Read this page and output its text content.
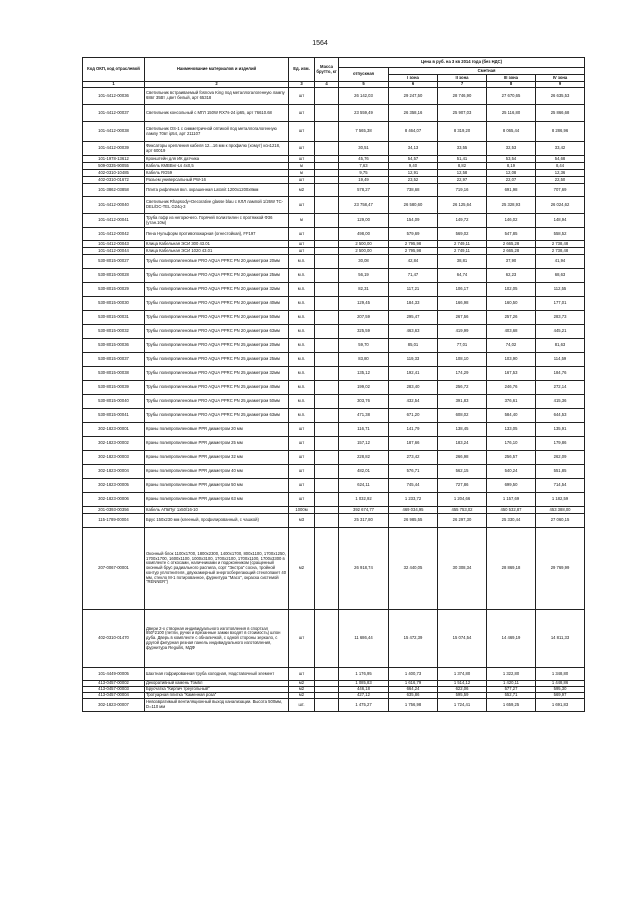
1564
Код ОКП, код отраслевой	Наименование материалов и изделий	Ед. изм.	Масса брутто, кг	Цена в руб. на 3 кв 2014 года (без НДС)				
				отпускная	Сметная			
					I зона	II зона	III зона	IV зона
1	2	3	4	5	6	7	8	9
101-4412-00036	Светильник встраиваемый fosnova King под металлогалогенную лампу 68вт 35Вт ,цвет белый, арт 65318	шт		26 142,03	29 247,50	28 746,90	27 670,65	26 635,53
101-4412-00037	Светильник консольный с МГЛ 150W RX7s-24 ip65, арт 76610.68	шт		23 559,49	26 358,16	25 907,03	25 116,80	25 866,68
101-4412-00038	Светильник OS-1 с симметричной оптикой под металлогалогенную лампу 70вт ip54, арт 211107	шт		7 565,38	8 464,07	8 319,20	8 065,44	8 286,96
101-4412-00039	Фиксаторы крепления кабеля 12...16 мм к профилю (хомут) ксн1218, арт 60019	шт		30,51	34,13	33,55	32,53	33,42
101-1978-13612	Кронштейн для ИК датчика	шт		45,76	54,57	51,41	53,54	54,68
509-0335-90055	Кабель КМВВнг-Ls 4х0,5	м		7,63	9,40	8,82	8,19	8,44
402-0310-10485	Кабель RG59	м		9,75	12,91	12,58	12,08	12,36
402-0310-01672	Разъем универсальный PW-16	шт		19,49	23,52	22,97	22,07	22,50
101-3862-03858	Плита рифлёная вкл. окрашенная Latonit 1200х1200х8мм	м2		578,27	738,68	719,16	691,98	707,69
101-4412-00040	Светильник Rhapsody+Decorative glasse blau с КЛЛ лампой 1/26W TC-DEL/DC-TEL G24q-3	шт		23 758,47	26 580,60	26 125,64	25 328,93	26 024,62
101-4412-00041	Труба гофр из негорючего. Горячей полиэтилен с протяжкой Ф36 (утан.10м)	м		129,00	154,09	149,72	146,02	148,94
101-4412-00042	Пена Нульформ противопожарная (огнестойкая), FF197	шт		498,00	579,69	569,02	547,85	558,52
101-4412-00043	Клица Кабельная ЭСИ 300 43.01	шт		2 500,00	2 795,98	2 749,11	2 665,28	2 738,48
101-4412-00044	Клица Кабельная ЭСИ 1020 43.01	шт		2 500,00	2 795,98	2 749,11	2 665,28	2 738,48
530-8015-00027	Трубы полипропиленовые PRO AQUA PPRC PN 20 диаметром 20мм	м.п.		30,08	42,84	38,81	37,90	41,94
530-8015-00028	Трубы полипропиленовые PRO AQUA PPRC PN 20 диаметром 25мм	м.п.		56,19	71,47	64,74	62,23	68,63
530-8015-00029	Трубы полипропиленовые PRO AQUA PPRC PN 20 диаметром 32мм	м.п.		82,31	117,21	106,17	102,05	112,55
530-8015-00030	Трубы полипропиленовые PRO AQUA PPRC PN 20 диаметром 40мм	м.п.		129,45	184,33	166,98	160,50	177,01
530-8015-00031	Трубы полипропиленовые PRO AQUA PPRC PN 20 диаметром 50мм	м.п.		207,59	295,47	267,56	257,26	283,73
530-8015-00032	Трубы полипропиленовые PRO AQUA PPRC PN 20 диаметром 63мм	м.п.		325,59	463,63	419,99	403,68	445,21
530-8015-00036	Трубы полипропиленовые PRO AQUA PPRC PN 25 диаметром 20мм	м.п.		59,70	85,01	77,01	74,02	81,63
530-8015-00037	Трубы полипропиленовые PRO AQUA PPRC PN 25 диаметром 25мм	м.п.		83,80	119,33	108,10	103,90	114,59
530-8015-00038	Трубы полипропиленовые PRO AQUA PPRC PN 25 диаметром 32мм	м.п.		135,12	192,41	174,29	167,53	184,76
530-8015-00039	Трубы полипропиленовые PRO AQUA PPRC PN 25 диаметром 40мм	м.п.		199,02	283,40	256,72	246,76	272,14
530-8015-00040	Трубы полипропиленовые PRO AQUA PPRC PN 25 диаметром 50мм	м.п.		303,76	432,54	391,83	376,61	415,36
530-8015-00041	Трубы полипропиленовые PRO AQUA PPRC PN 25 диаметром 63мм	м.п.		471,38	671,20	608,02	584,40	644,53
302-1823-00001	Краны полипропиленовые PPR диаметром 20 мм	шт		116,71	141,79	138,45	133,05	135,91
302-1823-00002	Краны полипропиленовые PPR диаметром 25 мм	шт		157,12	187,66	183,24	176,10	179,86
302-1823-00003	Краны полипропиленовые PPR диаметром 32 мм	шт		228,82	273,42	266,98	256,57	262,09
302-1823-00004	Краны полипропиленовые PPR диаметром 40 мм	шт		482,01	576,71	562,15	540,24	551,85
302-1823-00005	Краны полипропиленовые PPR диаметром 50 мм	шт		624,11	745,44	727,86	699,50	714,54
302-1823-00006	Краны полипропиленовые PPR диаметром 63 мм	шт		1 032,92	1 233,72	1 204,66	1 157,69	1 182,59
201-0393-00356	Кабель АПвПуг 1х50/16-10	1000м		392 674,77	469 034,95	455 753,02	450 532,87	453 388,00
115-1789-00004	Брус 150х230 мм (клееный, профилированный, с чашкой)	м3		25 317,80	26 985,55	26 297,30	25 330,44	27 060,15
207-0067-00001	Оконный блок 1100х1700, 1800х2300, 1400х1700, 800х1100, 1700х1250, 1700х1700, 1600х1100, 1000х3100, 1700х2100, 1700х1100, 1700х3300 в комплекте с откосами, наличниками и подоконником (сращенный оконный брус радиального распила, сорт "Экстра" сосна, тройной контур уплотнителя, двухкамерный энергосберегающий стеклопакет 40 мм, стекло М-1 потированное, фурнитура "Масо", окраска системой "RENNER")	м2		26 918,74	32 440,05	30 308,34	28 869,18	29 769,99
402-0310-01470	Двери 2-х створная индивидуального изготовления в спортзал 850*2100 (петли, ручки и врезанные замки входят в стоимость) шпон дуба. Дверь в комплекте с обналичкой, с одной стороны зеркало, с другой фигурная резная панель индивидуального изготовления, фурнитура Reguilis, МДФ	шт		11 686,44	15 472,39	15 074,54	14 469,19	14 811,33
101-4449-00005	Шахтная гофрированная труба холодная, Надставочный элемент	шт		1 176,95	1 400,73	1 374,80	1 322,80	1 348,80
413-0457-00002	Декоративный камень Томбл	м2		1 085,83	1 616,79	1 514,12	1 420,11	1 448,86
413-0457-00003	Брусчатка "Кирпич треугольный"	м2		446,18	664,24	622,06	577,27	595,30
413-0457-00004	Тротуарная плитка "Каменная роза"	м2		427,12	635,86	595,59	552,71	569,97
302-1823-00007	Невозвратимый вентиляционный выход канализации. Высота 500мм, D=110 мм	шт.		1 475,27	1 756,98	1 724,41	1 659,25	1 691,83
